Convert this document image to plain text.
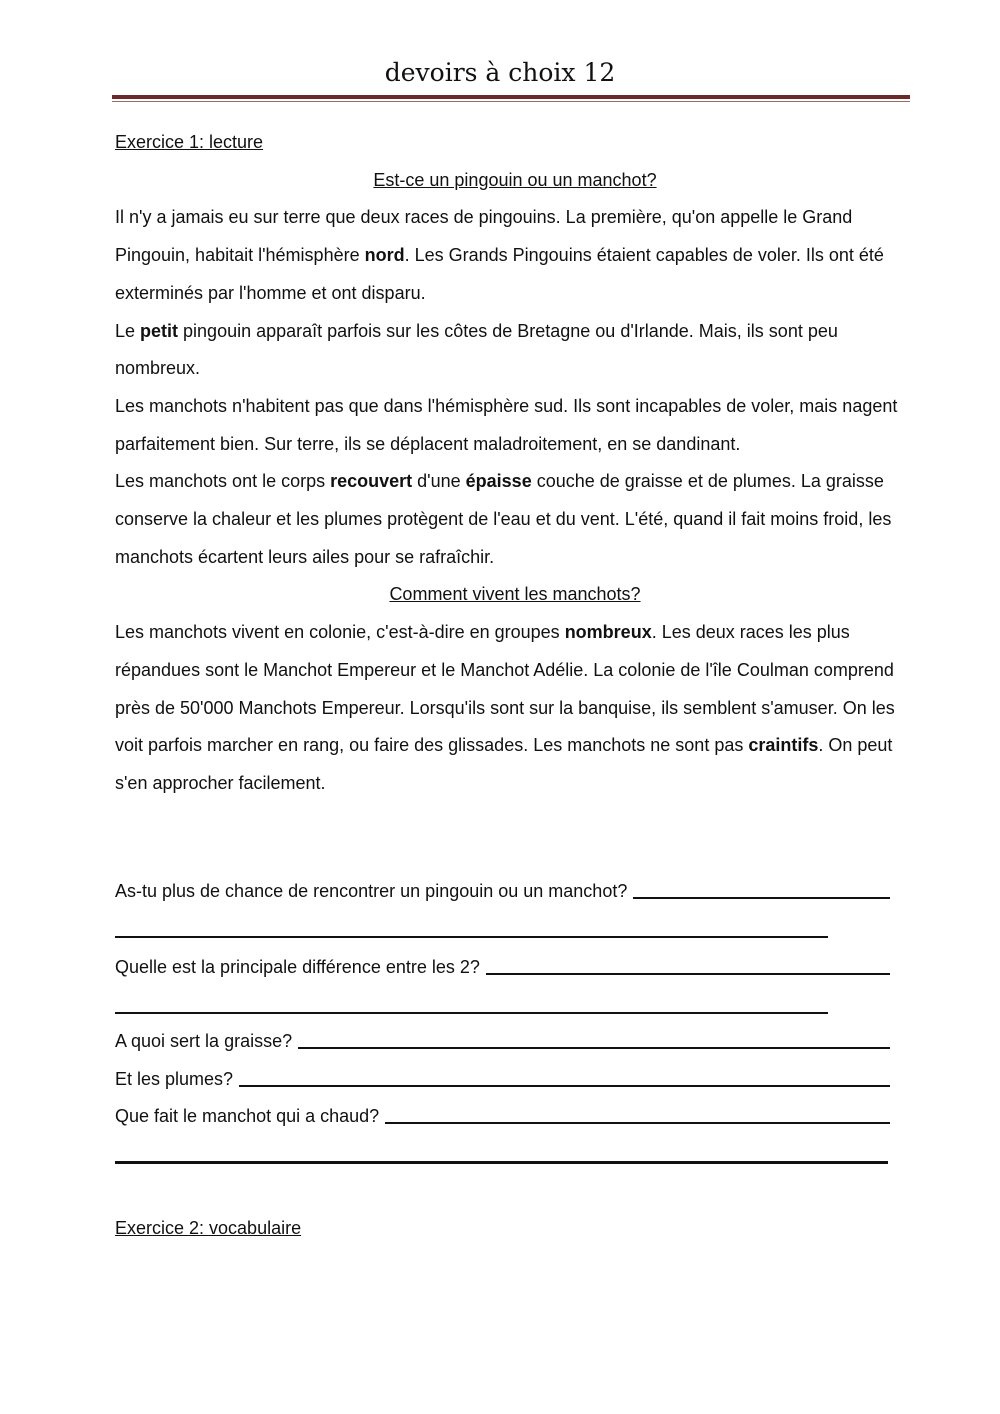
devoirs à choix 12

Exercice 1: lecture

Est-ce un pingouin ou un manchot?

Il n'y a jamais eu sur terre que deux races de pingouins. La première, qu'on appelle le Grand Pingouin, habitait l'hémisphère nord. Les Grands Pingouins étaient capables de voler. Ils ont été exterminés par l'homme et ont disparu.

Le petit pingouin apparaît parfois sur les côtes de Bretagne ou d'Irlande. Mais, ils sont peu nombreux.

Les manchots n'habitent pas que dans l'hémisphère sud. Ils sont incapables de voler, mais nagent parfaitement bien. Sur terre, ils se déplacent maladroitement, en se dandinant.

Les manchots ont le corps recouvert d'une épaisse couche de graisse et de plumes. La graisse conserve la chaleur et les plumes protègent de l'eau et du vent. L'été, quand il fait moins froid, les manchots écartent leurs ailes pour se rafraîchir.

Comment vivent les manchots?

Les manchots vivent en colonie, c'est-à-dire en groupes nombreux. Les deux races les plus répandues sont le Manchot Empereur et le Manchot Adélie. La colonie de l'île Coulman comprend près de 50'000 Manchots Empereur. Lorsqu'ils sont sur la banquise, ils semblent s'amuser. On les voit parfois marcher en rang, ou faire des glissades. Les manchots ne sont pas craintifs. On peut s'en approcher facilement.

As-tu plus de chance de rencontrer un pingouin ou un manchot?
Quelle est la principale différence entre les 2?
A quoi sert la graisse?
Et les plumes?
Que fait le manchot qui a chaud?
Exercice 2: vocabulaire
